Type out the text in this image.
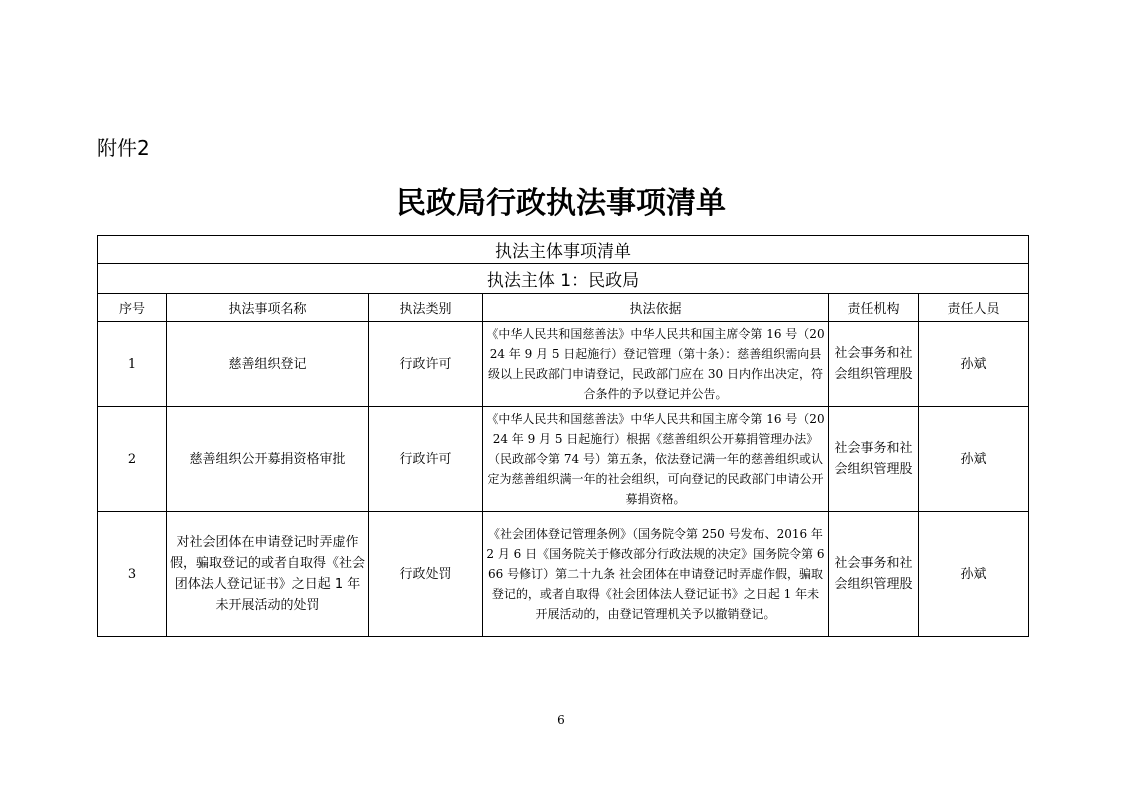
附件2
民政局行政执法事项清单
执法主体事项清单					
执法主体 1：民政局					
序号	执法事项名称	执法类别	执法依据	责任机构	责任人员
1	慈善组织登记	行政许可	《中华人民共和国慈善法》中华人民共和国主席令第 16 号（2024 年 9 月 5 日起施行）登记管理（第十条）：慈善组织需向县级以上民政部门申请登记，民政部门应在 30 日内作出决定，符合条件的予以登记并公告。	社会事务和社会组织管理股	孙斌
2	慈善组织公开募捐资格审批	行政许可	《中华人民共和国慈善法》中华人民共和国主席令第 16 号（2024 年 9 月 5 日起施行）根据《慈善组织公开募捐管理办法》（民政部令第 74 号）第五条，依法登记满一年的慈善组织或认定为慈善组织满一年的社会组织，可向登记的民政部门申请公开募捐资格。	社会事务和社会组织管理股	孙斌
3	对社会团体在申请登记时弄虚作假，骗取登记的或者自取得《社会团体法人登记证书》之日起 1 年未开展活动的处罚	行政处罚	《社会团体登记管理条例》（国务院令第 250 号发布、2016 年 2 月 6 日《国务院关于修改部分行政法规的决定》国务院令第 666 号修订）第二十九条 社会团体在申请登记时弄虚作假，骗取登记的，或者自取得《社会团体法人登记证书》之日起 1 年未开展活动的，由登记管理机关予以撤销登记。	社会事务和社会组织管理股	孙斌
6
